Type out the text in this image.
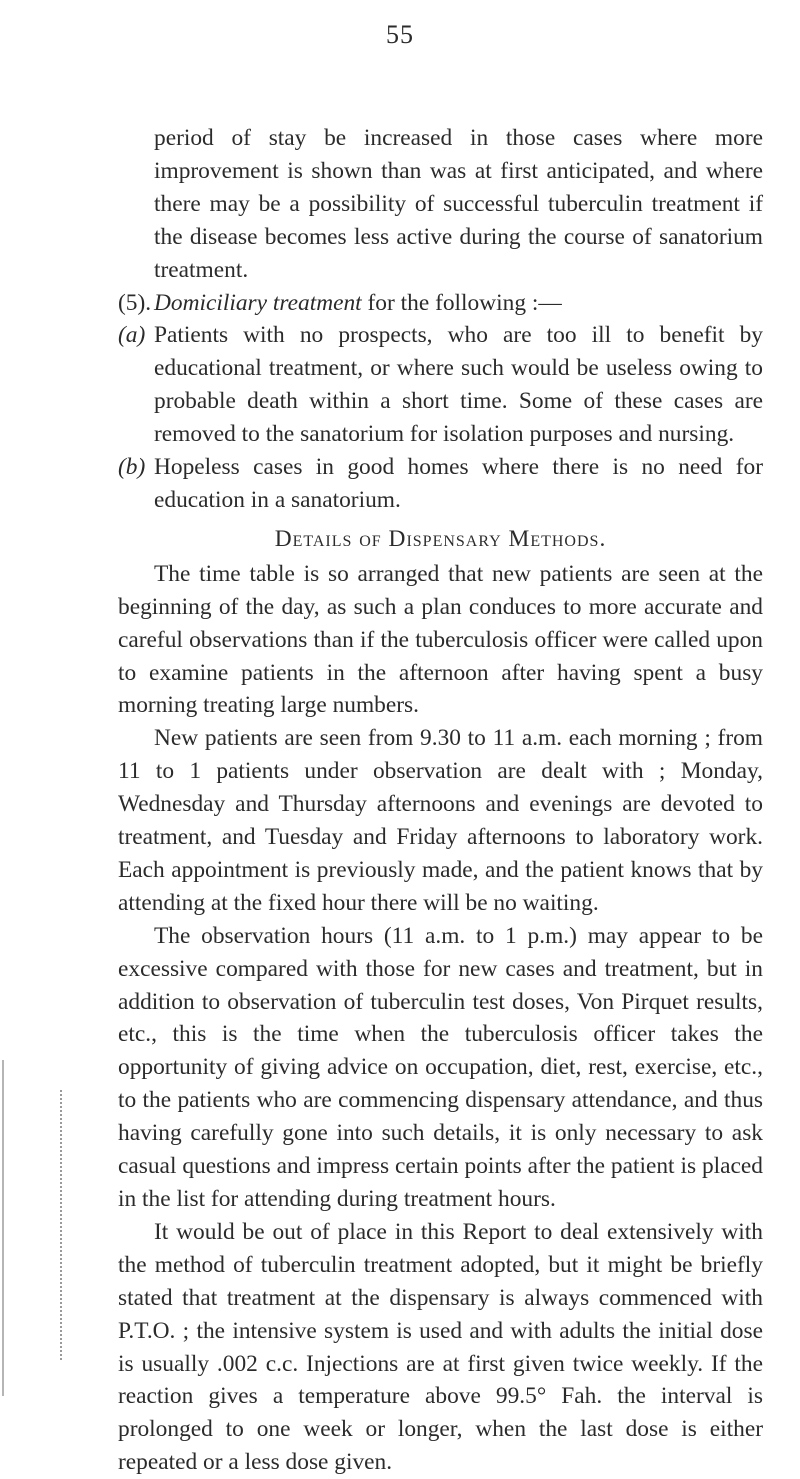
55

period of stay be increased in those cases where more improvement is shown than was at first anticipated, and where there may be a possibility of successful tuberculin treatment if the disease becomes less active during the course of sanatorium treatment.

(5). Domiciliary treatment for the following :—

(a) Patients with no prospects, who are too ill to benefit by educational treatment, or where such would be useless owing to probable death within a short time. Some of these cases are removed to the sanatorium for isolation purposes and nursing.

(b) Hopeless cases in good homes where there is no need for education in a sanatorium.

Details of Dispensary Methods.

The time table is so arranged that new patients are seen at the beginning of the day, as such a plan conduces to more accurate and careful observations than if the tuberculosis officer were called upon to examine patients in the afternoon after having spent a busy morning treating large numbers.

New patients are seen from 9.30 to 11 a.m. each morning ; from 11 to 1 patients under observation are dealt with ; Monday, Wednesday and Thursday afternoons and evenings are devoted to treatment, and Tuesday and Friday afternoons to laboratory work. Each appointment is previously made, and the patient knows that by attending at the fixed hour there will be no waiting.

The observation hours (11 a.m. to 1 p.m.) may appear to be excessive compared with those for new cases and treatment, but in addition to observation of tuberculin test doses, Von Pirquet results, etc., this is the time when the tuberculosis officer takes the opportunity of giving advice on occupation, diet, rest, exercise, etc., to the patients who are commencing dispensary attendance, and thus having carefully gone into such details, it is only necessary to ask casual questions and impress certain points after the patient is placed in the list for attending during treatment hours.

It would be out of place in this Report to deal extensively with the method of tuberculin treatment adopted, but it might be briefly stated that treatment at the dispensary is always commenced with P.T.O. ; the intensive system is used and with adults the initial dose is usually .002 c.c. Injections are at first given twice weekly. If the reaction gives a temperature above 99.5° Fah. the interval is prolonged to one week or longer, when the last dose is either repeated or a less dose given.
